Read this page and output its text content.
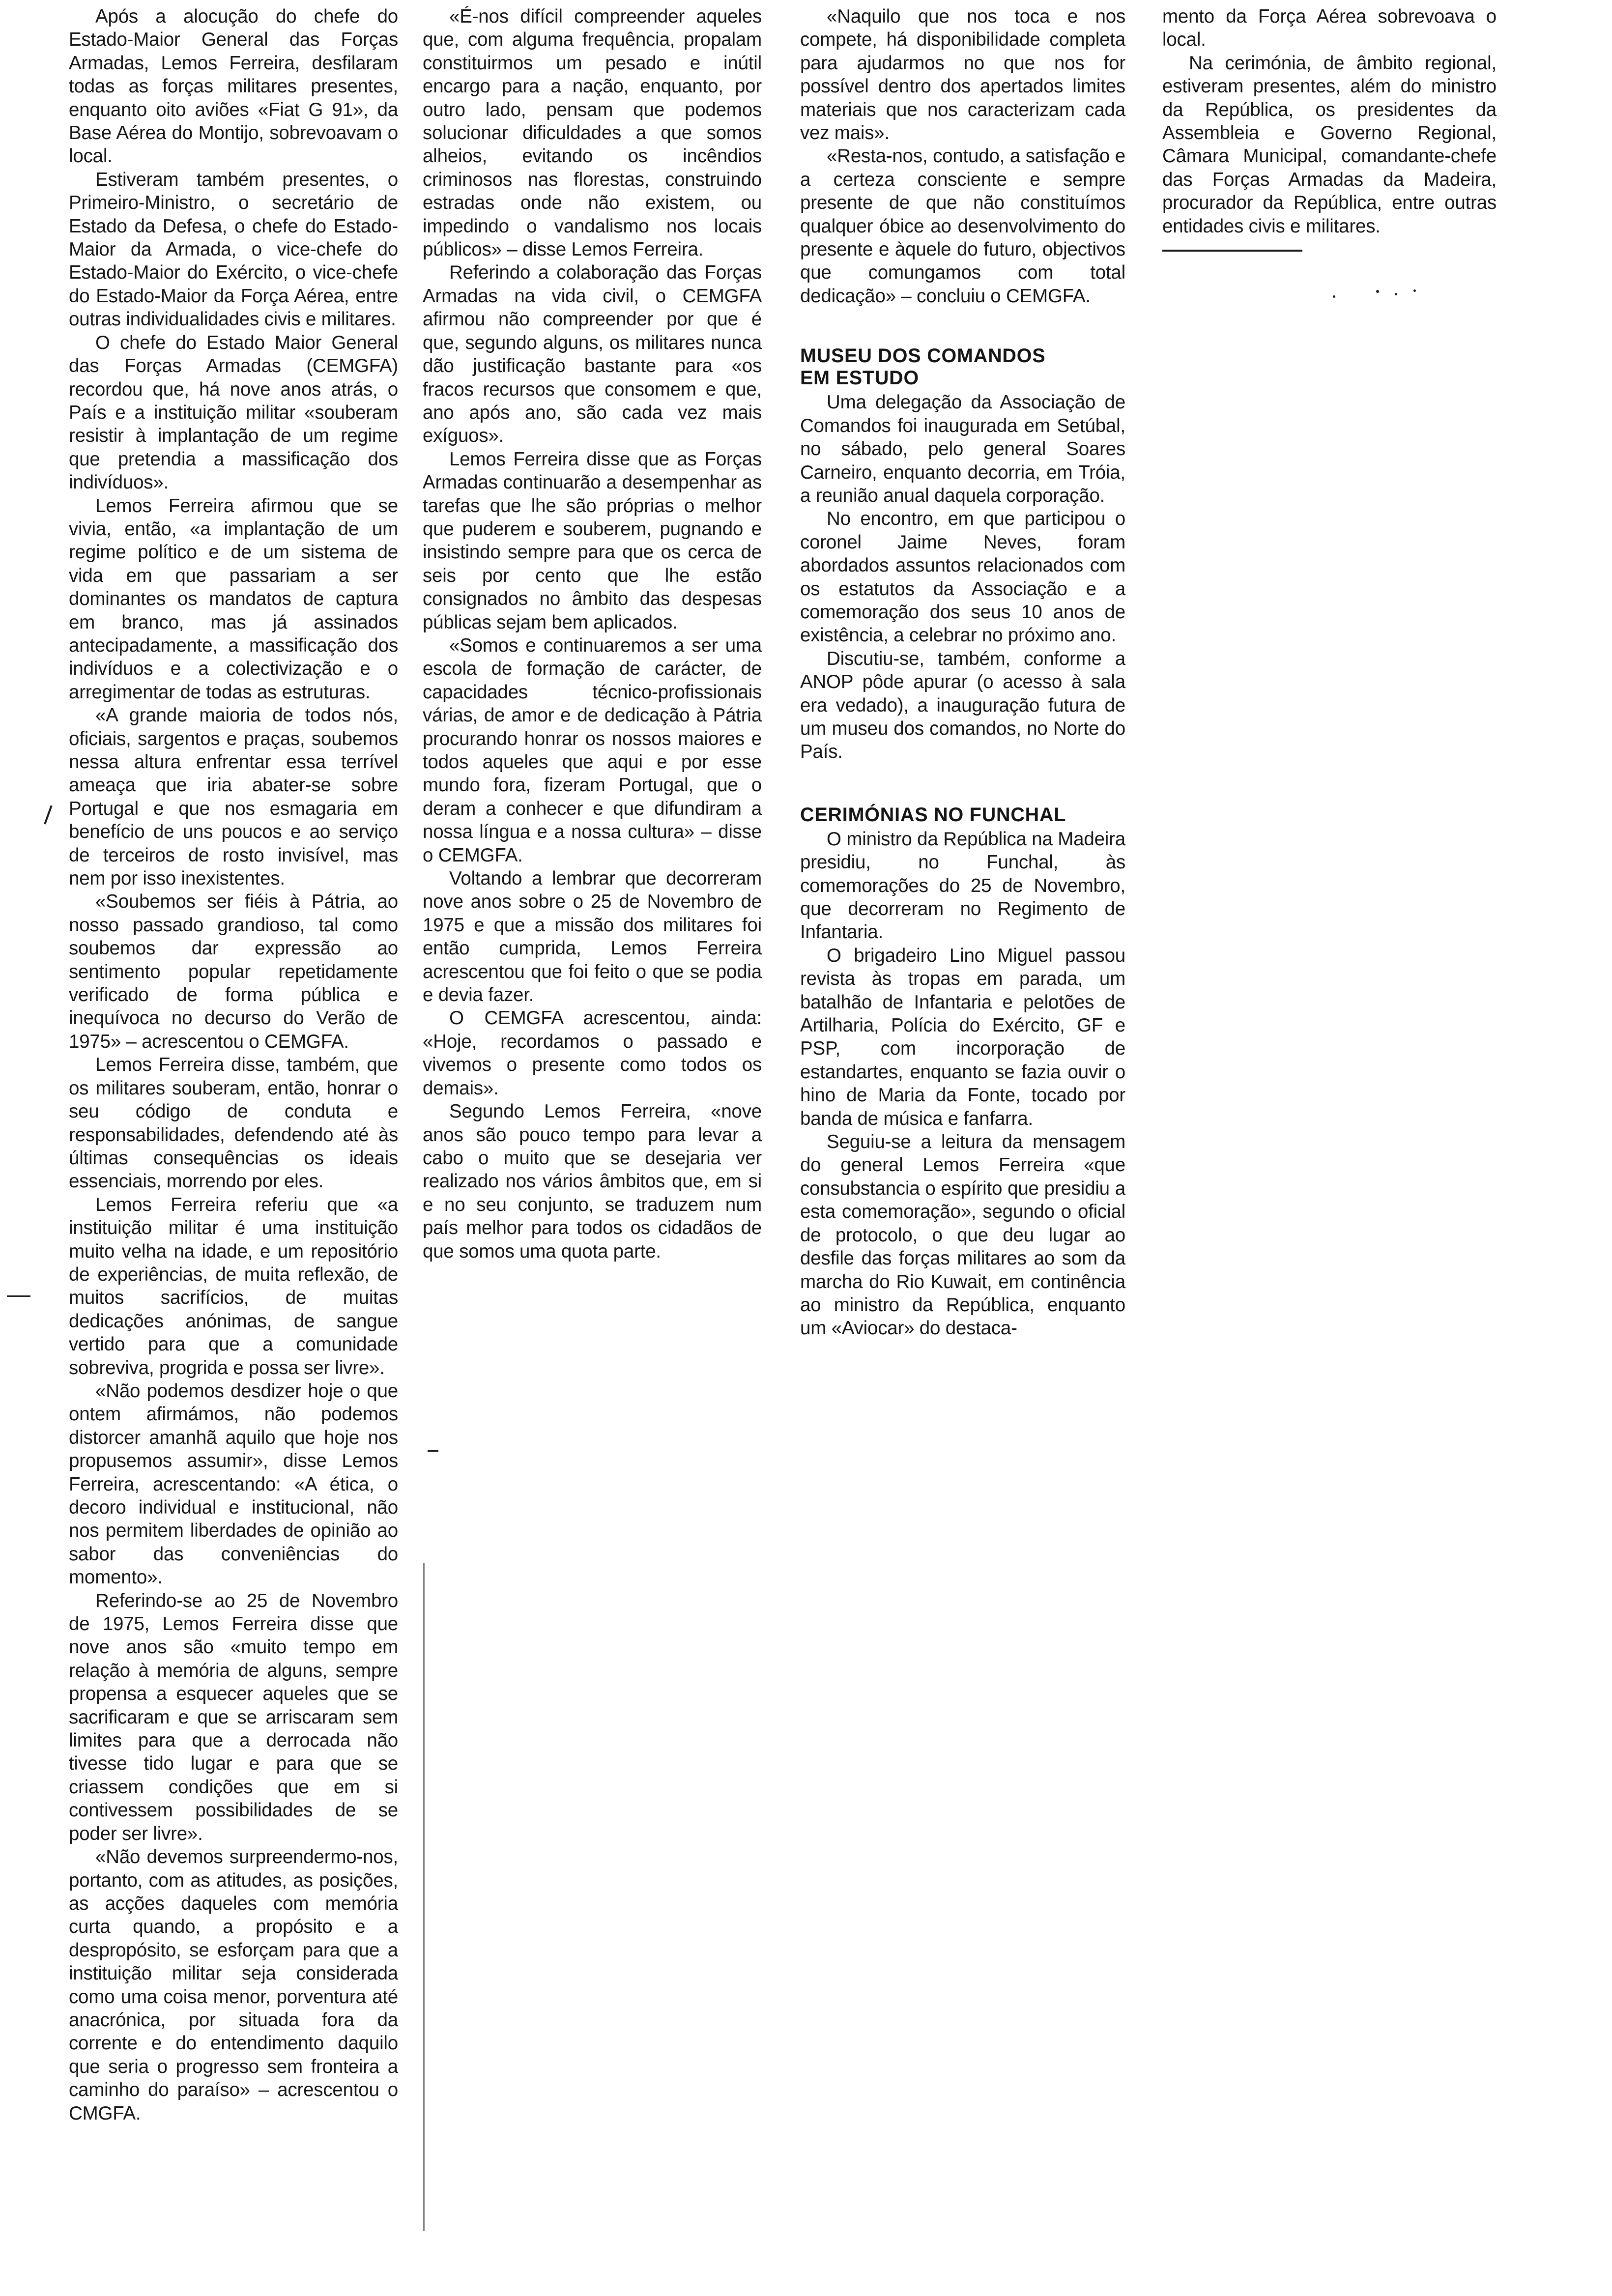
Após a alocução do chefe do Estado-Maior General das Forças Armadas, Lemos Ferreira, desfilaram todas as forças militares presentes, enquanto oito aviões «Fiat G 91», da Base Aérea do Montijo, sobrevoavam o local.

Estiveram também presentes, o Primeiro-Ministro, o secretário de Estado da Defesa, o chefe do Estado-Maior da Armada, o vice-chefe do Estado-Maior do Exército, o vice-chefe do Estado-Maior da Força Aérea, entre outras individualidades civis e militares.

O chefe do Estado Maior General das Forças Armadas (CEMGFA) recordou que, há nove anos atrás, o País e a instituição militar «souberam resistir à implantação de um regime que pretendia a massificação dos indivíduos».

Lemos Ferreira afirmou que se vivia, então, «a implantação de um regime político e de um sistema de vida em que passariam a ser dominantes os mandatos de captura em branco, mas já assinados antecipadamente, a massificação dos indivíduos e a colectivização e o arregimentar de todas as estruturas.

«A grande maioria de todos nós, oficiais, sargentos e praças, soubemos nessa altura enfrentar essa terrível ameaça que iria abater-se sobre Portugal e que nos esmagaria em benefício de uns poucos e ao serviço de terceiros de rosto invisível, mas nem por isso inexistentes.

«Soubemos ser fiéis à Pátria, ao nosso passado grandioso, tal como soubemos dar expressão ao sentimento popular repetidamente verificado de forma pública e inequívoca no decurso do Verão de 1975» – acrescentou o CEMGFA.

Lemos Ferreira disse, também, que os militares souberam, então, honrar o seu código de conduta e responsabilidades, defendendo até às últimas consequências os ideais essenciais, morrendo por eles.

Lemos Ferreira referiu que «a instituição militar é uma instituição muito velha na idade, e um repositório de experiências, de muita reflexão, de muitos sacrifícios, de muitas dedicações anónimas, de sangue vertido para que a comunidade sobreviva, progrida e possa ser livre».

«Não podemos desdizer hoje o que ontem afirmámos, não podemos distorcer amanhã aquilo que hoje nos propusemos assumir», disse Lemos Ferreira, acrescentando: «A ética, o decoro individual e institucional, não nos permitem liberdades de opinião ao sabor das conveniências do momento».

Referindo-se ao 25 de Novembro de 1975, Lemos Ferreira disse que nove anos são «muito tempo em relação à memória de alguns, sempre propensa a esquecer aqueles que se sacrificaram e que se arriscaram sem limites para que a derrocada não tivesse tido lugar e para que se criassem condições que em si contivessem possibilidades de se poder ser livre».

«Não devemos surpreendermo-nos, portanto, com as atitudes, as posições, as acções daqueles com memória curta quando, a propósito e a despropósito, se esforçam para que a instituição militar seja considerada como uma coisa menor, porventura até anacrónica, por situada fora da corrente e do entendimento daquilo que seria o progresso sem fronteira a caminho do paraíso» – acrescentou o CMGFA.

«É-nos difícil compreender aqueles que, com alguma frequência, propalam constituirmos um pesado e inútil encargo para a nação, enquanto, por outro lado, pensam que podemos solucionar dificuldades a que somos alheios, evitando os incêndios criminosos nas florestas, construindo estradas onde não existem, ou impedindo o vandalismo nos locais públicos» – disse Lemos Ferreira.

Referindo a colaboração das Forças Armadas na vida civil, o CEMGFA afirmou não compreender por que é que, segundo alguns, os militares nunca dão justificação bastante para «os fracos recursos que consomem e que, ano após ano, são cada vez mais exíguos».

Lemos Ferreira disse que as Forças Armadas continuarão a desempenhar as tarefas que lhe são próprias o melhor que puderem e souberem, pugnando e insistindo sempre para que os cerca de seis por cento que lhe estão consignados no âmbito das despesas públicas sejam bem aplicados.

«Somos e continuaremos a ser uma escola de formação de carácter, de capacidades técnico-profissionais várias, de amor e de dedicação à Pátria procurando honrar os nossos maiores e todos aqueles que aqui e por esse mundo fora, fizeram Portugal, que o deram a conhecer e que difundiram a nossa língua e a nossa cultura» – disse o CEMGFA.

Voltando a lembrar que decorreram nove anos sobre o 25 de Novembro de 1975 e que a missão dos militares foi então cumprida, Lemos Ferreira acrescentou que foi feito o que se podia e devia fazer.

O CEMGFA acrescentou, ainda: «Hoje, recordamos o passado e vivemos o presente como todos os demais».

Segundo Lemos Ferreira, «nove anos são pouco tempo para levar a cabo o muito que se desejaria ver realizado nos vários âmbitos que, em si e no seu conjunto, se traduzem num país melhor para todos os cidadãos de que somos uma quota parte.

«Naquilo que nos toca e nos compete, há disponibilidade completa para ajudarmos no que nos for possível dentro dos apertados limites materiais que nos caracterizam cada vez mais».

«Resta-nos, contudo, a satisfação e a certeza consciente e sempre presente de que não constituímos qualquer óbice ao desenvolvimento do presente e àquele do futuro, objectivos que comungamos com total dedicação» – concluiu o CEMGFA.

MUSEU DOS COMANDOS
EM ESTUDO

Uma delegação da Associação de Comandos foi inaugurada em Setúbal, no sábado, pelo general Soares Carneiro, enquanto decorria, em Tróia, a reunião anual daquela corporação.

No encontro, em que participou o coronel Jaime Neves, foram abordados assuntos relacionados com os estatutos da Associação e a comemoração dos seus 10 anos de existência, a celebrar no próximo ano.

Discutiu-se, também, conforme a ANOP pôde apurar (o acesso à sala era vedado), a inauguração futura de um museu dos comandos, no Norte do País.

CERIMÓNIAS NO FUNCHAL

O ministro da República na Madeira presidiu, no Funchal, às comemorações do 25 de Novembro, que decorreram no Regimento de Infantaria.

O brigadeiro Lino Miguel passou revista às tropas em parada, um batalhão de Infantaria e pelotões de Artilharia, Polícia do Exército, GF e PSP, com incorporação de estandartes, enquanto se fazia ouvir o hino de Maria da Fonte, tocado por banda de música e fanfarra.

Seguiu-se a leitura da mensagem do general Lemos Ferreira «que consubstancia o espírito que presidiu a esta comemoração», segundo o oficial de protocolo, o que deu lugar ao desfile das forças militares ao som da marcha do Rio Kuwait, em continência ao ministro da República, enquanto um «Aviocar» do destaca-

mento da Força Aérea sobrevoava o local.

Na cerimónia, de âmbito regional, estiveram presentes, além do ministro da República, os presidentes da Assembleia e Governo Regional, Câmara Municipal, comandante-chefe das Forças Armadas da Madeira, procurador da República, entre outras entidades civis e militares.
